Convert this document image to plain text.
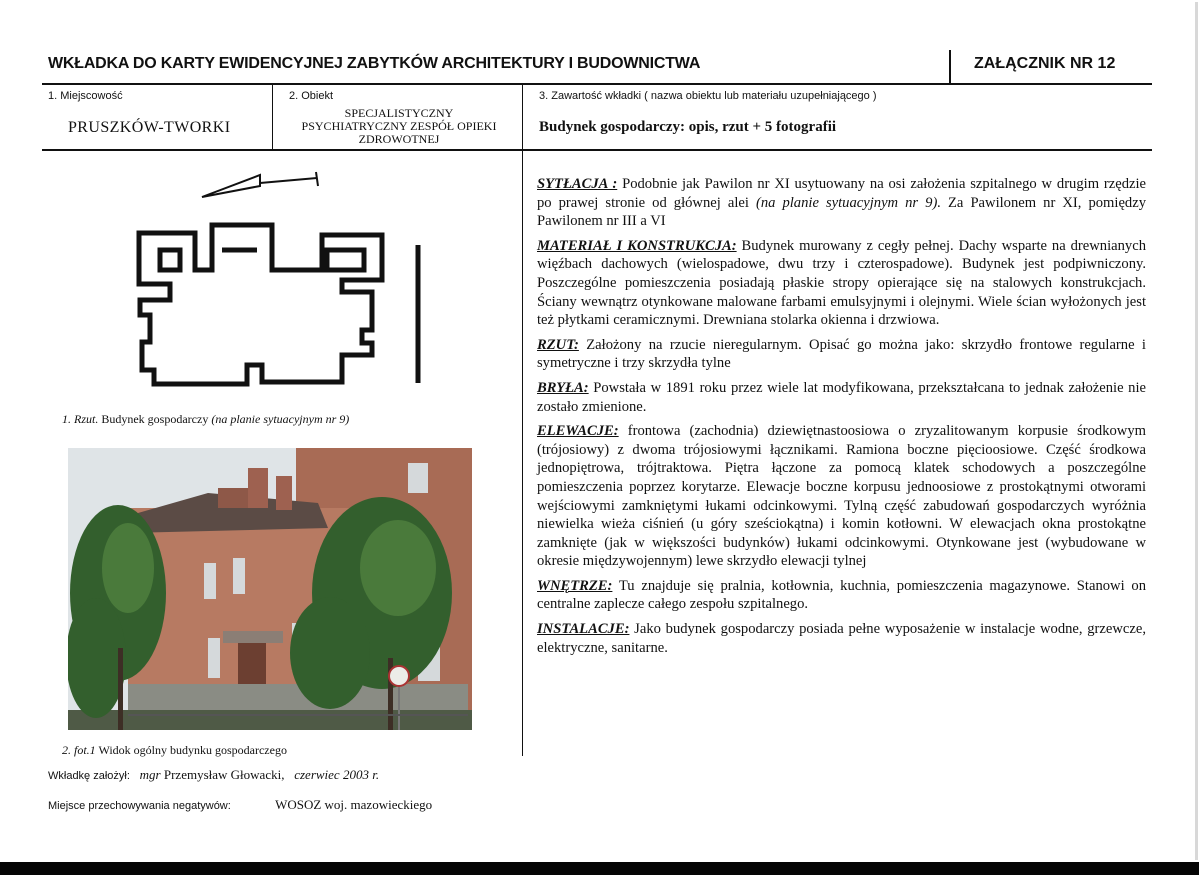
WKŁADKA DO KARTY EWIDENCYJNEJ ZABYTKÓW ARCHITEKTURY I BUDOWNICTWA	ZAŁĄCZNIK NR 12
1. Miejscowość
PRUSZKÓW-TWORKI
2. Obiekt
SPECJALISTYCZNY
PSYCHIATRYCZNY ZESPÓŁ OPIEKI
ZDROWOTNEJ
3. Zawartość wkładki ( nazwa obiektu lub materiału uzupełniającego )
Budynek gospodarczy: opis, rzut + 5 fotografii
1. Rzut. Budynek gospodarczy (na planie sytuacyjnym nr 9)
2. fot.1 Widok ogólny budynku gospodarczego
Wkładkę założył: mgr Przemysław Głowacki, czerwiec 2003 r.
Miejsce przechowywania negatywów:	WOSOZ woj. mazowieckiego

SYTŁACJA : Podobnie jak Pawilon nr XI usytuowany na osi założenia szpitalnego w drugim rzędzie po prawej stronie od głównej alei (na planie sytuacyjnym nr 9). Za Pawilonem nr XI, pomiędzy Pawilonem nr III a VI

MATERIAŁ I KONSTRUKCJA: Budynek murowany z cegły pełnej. Dachy wsparte na drewnianych więźbach dachowych (wielospadowe, dwu trzy i czterospadowe). Budynek jest podpiwniczony. Poszczególne pomieszczenia posiadają płaskie stropy opierające się na stalowych konstrukcjach. Ściany wewnątrz otynkowane malowane farbami emulsyjnymi i olejnymi. Wiele ścian wyłożonych jest też płytkami ceramicznymi. Drewniana stolarka okienna i drzwiowa.

RZUT: Założony na rzucie nieregularnym. Opisać go można jako: skrzydło frontowe regularne i symetryczne i trzy skrzydła tylne

BRYŁA: Powstała w 1891 roku przez wiele lat modyfikowana, przekształcana to jednak założenie nie zostało zmienione.

ELEWACJE: frontowa (zachodnia) dziewiętnastoosiowa o zryzalitowanym korpusie środkowym (trójosiowy) z dwoma trójosiowymi łącznikami. Ramiona boczne pięcioosiowe. Część środkowa jednopiętrowa, trójtraktowa. Piętra łączone za pomocą klatek schodowych a poszczególne pomieszczenia poprzez korytarze. Elewacje boczne korpusu jednoosiowe z prostokątnymi otworami wejściowymi zamkniętymi łukami odcinkowymi. Tylną część zabudowań gospodarczych wyróżnia niewielka wieża ciśnień (u góry sześciokątna) i komin kotłowni. W elewacjach okna prostokątne zamknięte (jak w większości budynków) łukami odcinkowymi. Otynkowane jest (wybudowane w okresie międzywojennym) lewe skrzydło elewacji tylnej

WNĘTRZE: Tu znajduje się pralnia, kotłownia, kuchnia, pomieszczenia magazynowe. Stanowi on centralne zaplecze całego zespołu szpitalnego.

INSTALACJE: Jako budynek gospodarczy posiada pełne wyposażenie w instalacje wodne, grzewcze, elektryczne, sanitarne.
